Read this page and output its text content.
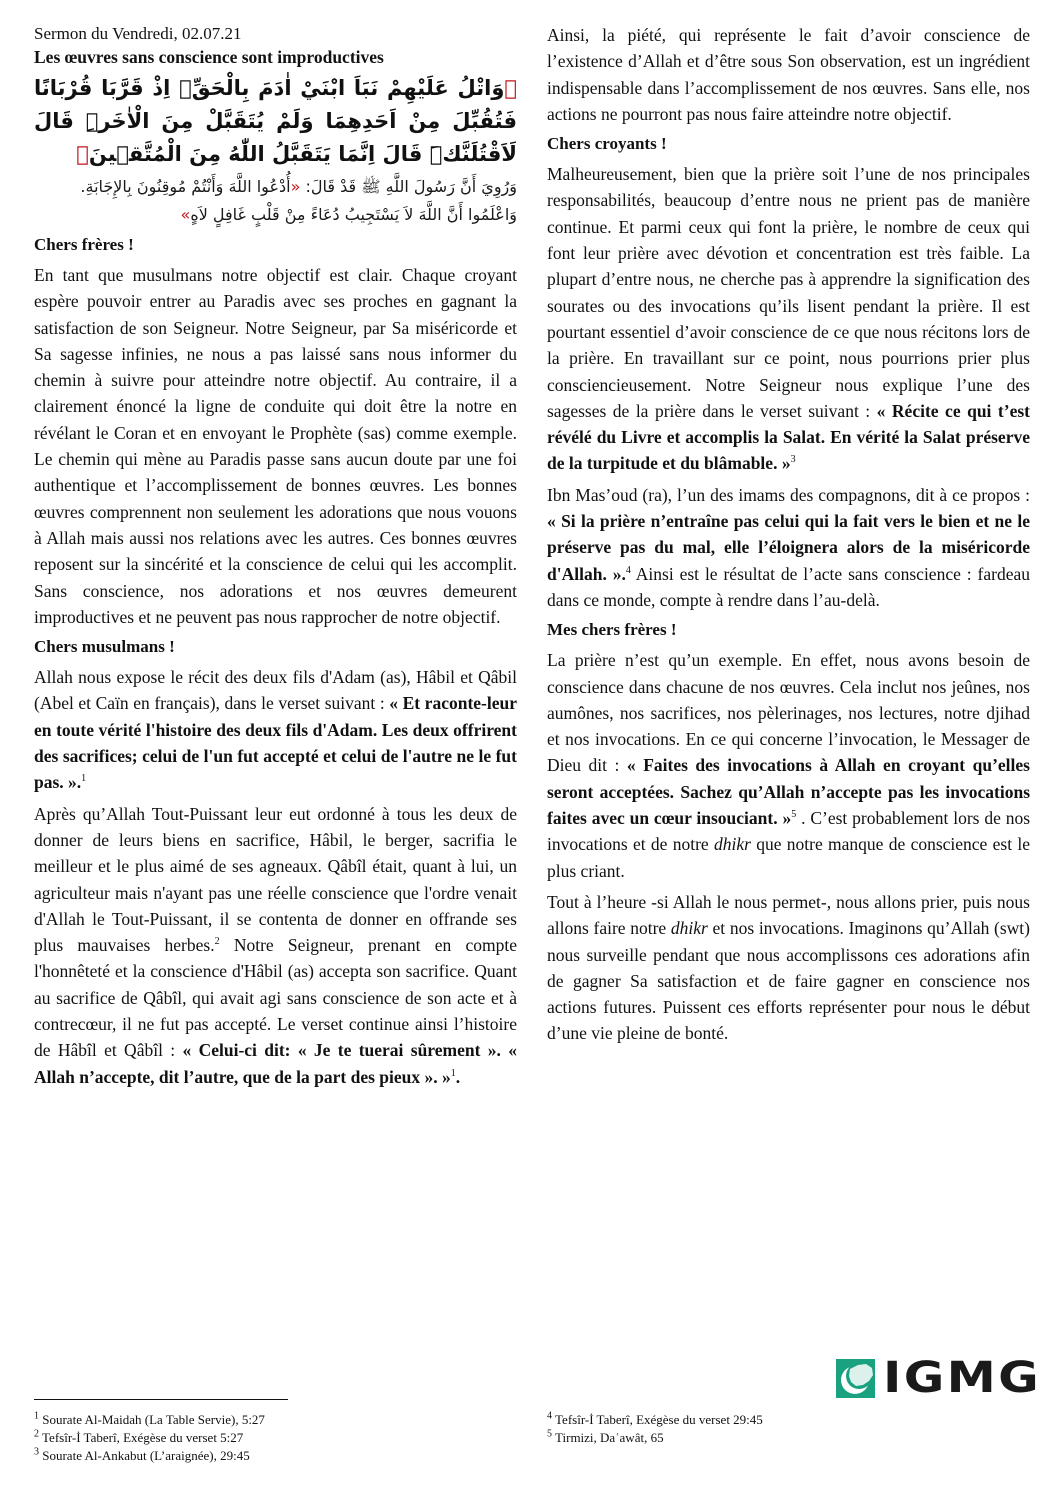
Sermon du Vendredi, 02.07.21
Les œuvres sans conscience sont improductives
﴿وَاتْلُ عَلَيْهِمْ نَبَاَ ابْنَيْ اٰدَمَ بِالْحَقِّۢ اِذْ قَرَّبَا قُرْبَانًا فَتُقُبِّلَ مِنْ اَحَدِهِمَا وَلَمْ يُتَقَبَّلْ مِنَ الْاٰخَرِۜ قَالَ لَاَقْتُلَنَّكَۜ قَالَ اِنَّمَا يَتَقَبَّلُ اللّٰهُ مِنَ الْمُتَّق۪ينَ﴾
وَرُوِيَ أَنَّ رَسُولَ اللَّهِ ﷺ قَدْ قَالَ: «أُدْعُوا اللَّهَ وَأَنْتُمْ مُوقِنُونَ بِالإِجَابَةِ.
وَاعْلَمُوا أَنَّ اللَّهَ لاَ يَسْتَجِيبُ دُعَاءً مِنْ قَلْبٍ غَافِلٍ لاَهٍ»
Chers frères !

En tant que musulmans notre objectif est clair. Chaque croyant espère pouvoir entrer au Paradis avec ses proches en gagnant la satisfaction de son Seigneur. Notre Seigneur, par Sa miséricorde et Sa sagesse infinies, ne nous a pas laissé sans nous informer du chemin à suivre pour atteindre notre objectif. Au contraire, il a clairement énoncé la ligne de conduite qui doit être la notre en révélant le Coran et en envoyant le Prophète (sas) comme exemple. Le chemin qui mène au Paradis passe sans aucun doute par une foi authentique et l’accomplissement de bonnes œuvres. Les bonnes œuvres comprennent non seulement les adorations que nous vouons à Allah mais aussi nos relations avec les autres. Ces bonnes œuvres reposent sur la sincérité et la conscience de celui qui les accomplit. Sans conscience, nos adorations et nos œuvres demeurent improductives et ne peuvent pas nous rapprocher de notre objectif.

Chers musulmans !

Allah nous expose le récit des deux fils d'Adam (as), Hâbil et Qâbil (Abel et Caïn en français), dans le verset suivant : « Et raconte-leur en toute vérité l'histoire des deux fils d'Adam. Les deux offrirent des sacrifices; celui de l'un fut accepté et celui de l'autre ne le fut pas. ».$^1$

Après qu’Allah Tout-Puissant leur eut ordonné à tous les deux de donner de leurs biens en sacrifice, Hâbil, le berger, sacrifia le meilleur et le plus aimé de ses agneaux. Qâbîl était, quant à lui, un agriculteur mais n'ayant pas une réelle conscience que l'ordre venait d'Allah le Tout-Puissant, il se contenta de donner en offrande ses plus mauvaises herbes.$^2$ Notre Seigneur, prenant en compte l'honnêteté et la conscience d'Hâbil (as) accepta son sacrifice. Quant au sacrifice de Qâbîl, qui avait agi sans conscience de son acte et à contrecœur, il ne fut pas accepté. Le verset continue ainsi l’histoire de Hâbîl et Qâbîl : « Celui-ci dit: « Je te tuerai sûrement ». « Allah n’accepte, dit l’autre, que de la part des pieux ». »$^1$.

Ainsi, la piété, qui représente le fait d’avoir conscience de l’existence d’Allah et d’être sous Son observation, est un ingrédient indispensable dans l’accomplissement de nos œuvres. Sans elle, nos actions ne pourront pas nous faire atteindre notre objectif.

Chers croyants !

Malheureusement, bien que la prière soit l’une de nos principales responsabilités, beaucoup d’entre nous ne prient pas de manière continue. Et parmi ceux qui font la prière, le nombre de ceux qui font leur prière avec dévotion et concentration est très faible. La plupart d’entre nous, ne cherche pas à apprendre la signification des sourates ou des invocations qu’ils lisent pendant la prière. Il est pourtant essentiel d’avoir conscience de ce que nous récitons lors de la prière. En travaillant sur ce point, nous pourrions prier plus consciencieusement. Notre Seigneur nous explique l’une des sagesses de la prière dans le verset suivant : « Récite ce qui t’est révélé du Livre et accomplis la Salat. En vérité la Salat préserve de la turpitude et du blâmable. »$^3$

Ibn Mas’oud (ra), l’un des imams des compagnons, dit à ce propos : « Si la prière n’entraîne pas celui qui la fait vers le bien et ne le préserve pas du mal, elle l’éloignera alors de la miséricorde d'Allah. ».$^4$ Ainsi est le résultat de l’acte sans conscience : fardeau dans ce monde, compte à rendre dans l’au-delà.

Mes chers frères !

La prière n’est qu’un exemple. En effet, nous avons besoin de conscience dans chacune de nos œuvres. Cela inclut nos jeûnes, nos aumônes, nos sacrifices, nos pèlerinages, nos lectures, notre djihad et nos invocations. En ce qui concerne l’invocation, le Messager de Dieu dit : « Faites des invocations à Allah en croyant qu’elles seront acceptées. Sachez qu’Allah n’accepte pas les invocations faites avec un cœur insouciant. »$^5$ . C’est probablement lors de nos invocations et de notre dhikr que notre manque de conscience est le plus criant.

Tout à l’heure -si Allah le nous permet-, nous allons prier, puis nous allons faire notre dhikr et nos invocations. Imaginons qu’Allah (swt) nous surveille pendant que nous accomplissons ces adorations afin de gagner Sa satisfaction et de faire gagner en conscience nos actions futures. Puissent ces efforts représenter pour nous le début d’une vie pleine de bonté.

IGMG
$^1$ Sourate Al-Maidah (La Table Servie), 5:27
$^2$ Tefsîr-İ Taberî, Exégèse du verset 5:27
$^3$ Sourate Al-Ankabut (L’araignée), 29:45
$^4$ Tefsîr-İ Taberî, Exégèse du verset 29:45
$^5$ Tirmizi, Daʿawât, 65
